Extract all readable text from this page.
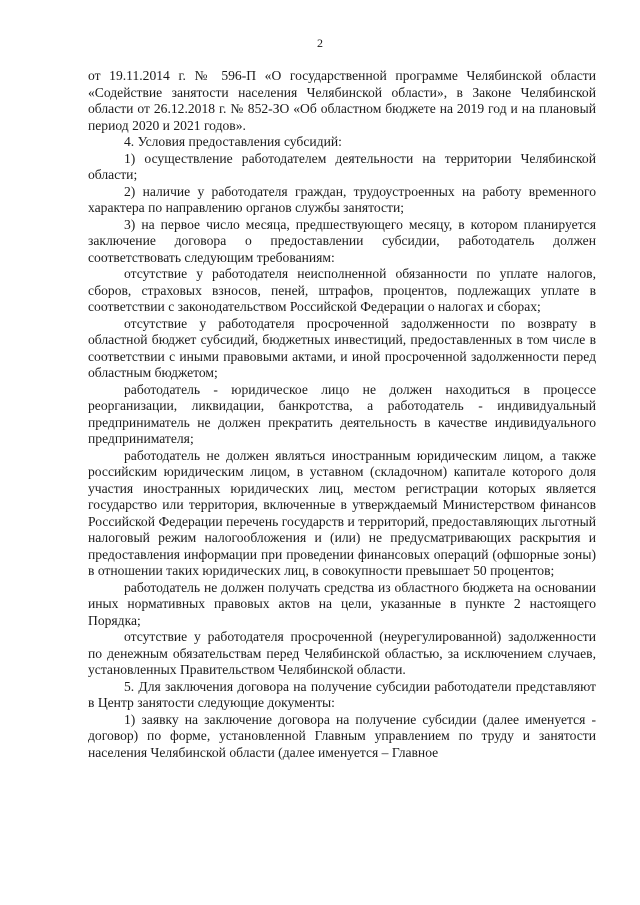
2

от 19.11.2014 г. № 596-П «О государственной программе Челябинской области «Содействие занятости населения Челябинской области», в Законе Челябинской области от 26.12.2018 г. № 852-ЗО «Об областном бюджете на 2019 год и на плановый период 2020 и 2021 годов».

4. Условия предоставления субсидий:

1) осуществление работодателем деятельности на территории Челябинской области;

2) наличие у работодателя граждан, трудоустроенных на работу временного характера по направлению органов службы занятости;

3) на первое число месяца, предшествующего месяцу, в котором планируется заключение договора о предоставлении субсидии, работодатель должен соответствовать следующим требованиям:

отсутствие у работодателя неисполненной обязанности по уплате налогов, сборов, страховых взносов, пеней, штрафов, процентов, подлежащих уплате в соответствии с законодательством Российской Федерации о налогах и сборах;

отсутствие у работодателя просроченной задолженности по возврату в областной бюджет субсидий, бюджетных инвестиций, предоставленных в том числе в соответствии с иными правовыми актами, и иной просроченной задолженности перед областным бюджетом;

работодатель - юридическое лицо не должен находиться в процессе реорганизации, ликвидации, банкротства, а работодатель - индивидуальный предприниматель не должен прекратить деятельность в качестве индивидуального предпринимателя;

работодатель не должен являться иностранным юридическим лицом, а также российским юридическим лицом, в уставном (складочном) капитале которого доля участия иностранных юридических лиц, местом регистрации которых является государство или территория, включенные в утверждаемый Министерством финансов Российской Федерации перечень государств и территорий, предоставляющих льготный налоговый режим налогообложения и (или) не предусматривающих раскрытия и предоставления информации при проведении финансовых операций (офшорные зоны) в отношении таких юридических лиц, в совокупности превышает 50 процентов;

работодатель не должен получать средства из областного бюджета на основании иных нормативных правовых актов на цели, указанные в пункте 2 настоящего Порядка;

отсутствие у работодателя просроченной (неурегулированной) задолженности по денежным обязательствам перед Челябинской областью, за исключением случаев, установленных Правительством Челябинской области.

5. Для заключения договора на получение субсидии работодатели представляют в Центр занятости следующие документы:

1) заявку на заключение договора на получение субсидии (далее именуется - договор) по форме, установленной Главным управлением по труду и занятости населения Челябинской области (далее именуется – Главное
